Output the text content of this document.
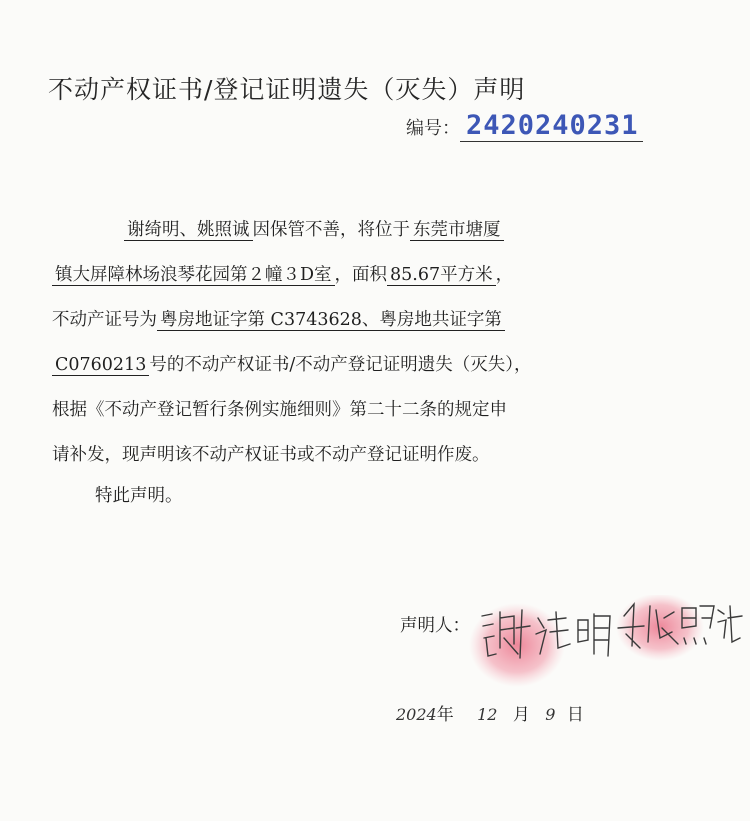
不动产权证书/登记证明遗失（灭失）声明
编号： 2420240231
谢绮明、姚照诚 因保管不善，将位于 东莞市塘厦
镇大屏障林场浪琴花园第２幢３D室 ，面积 85.67平方米 ，
不动产证号为 粤房地证字第 C3743628、粤房地共证字第
C0760213 号的不动产权证书/不动产登记证明遗失（灭失），
根据《不动产登记暂行条例实施细则》第二十二条的规定申
请补发，现声明该不动产权证书或不动产登记证明作废。
特此声明。
声明人：
2024年 12 月 9 日
